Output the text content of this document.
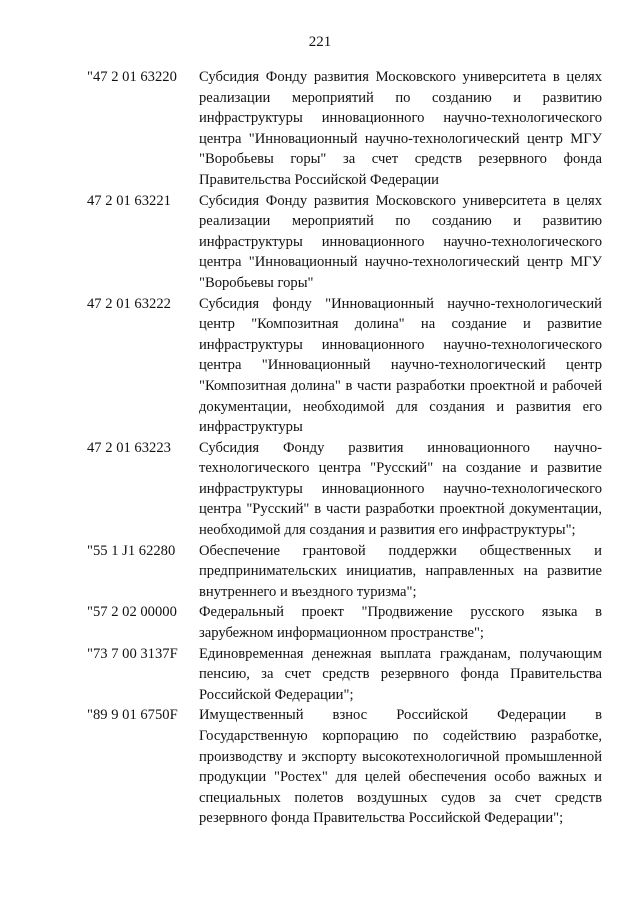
221
"47 2 01 63220	Субсидия Фонду развития Московского университета в целях реализации мероприятий по созданию и развитию инфраструктуры инновационного научно-технологического центра "Инновационный научно-технологический центр МГУ "Воробьевы горы" за счет средств резервного фонда Правительства Российской Федерации
47 2 01 63221	Субсидия Фонду развития Московского университета в целях реализации мероприятий по созданию и развитию инфраструктуры инновационного научно-технологического центра "Инновационный научно-технологический центр МГУ "Воробьевы горы"
47 2 01 63222	Субсидия фонду "Инновационный научно-технологический центр "Композитная долина" на создание и развитие инфраструктуры инновационного научно-технологического центра "Инновационный научно-технологический центр "Композитная долина" в части разработки проектной и рабочей документации, необходимой для создания и развития его инфраструктуры
47 2 01 63223	Субсидия Фонду развития инновационного научно-технологического центра "Русский" на создание и развитие инфраструктуры инновационного научно-технологического центра "Русский" в части разработки проектной документации, необходимой для создания и развития его инфраструктуры";
"55 1 J1 62280	Обеспечение грантовой поддержки общественных и предпринимательских инициатив, направленных на развитие внутреннего и въездного туризма";
"57 2 02 00000	Федеральный проект "Продвижение русского языка в зарубежном информационном пространстве";
"73 7 00 3137F	Единовременная денежная выплата гражданам, получающим пенсию, за счет средств резервного фонда Правительства Российской Федерации";
"89 9 01 6750F	Имущественный взнос Российской Федерации в Государственную корпорацию по содействию разработке, производству и экспорту высокотехнологичной промышленной продукции "Ростех" для целей обеспечения особо важных и специальных полетов воздушных судов за счет средств резервного фонда Правительства Российской Федерации";
